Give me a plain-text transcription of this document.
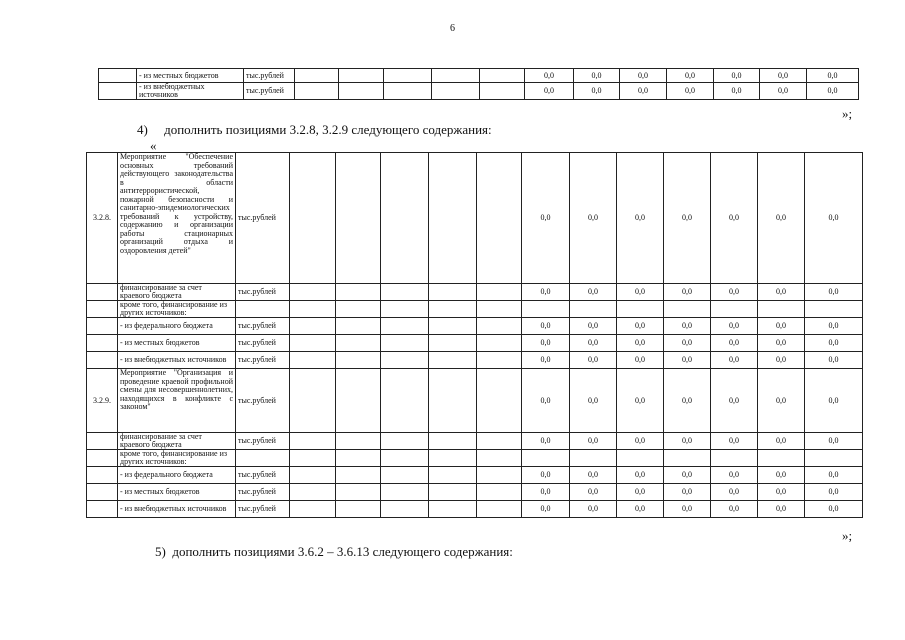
6
	- из местных бюджетов	тыс.рублей						0,0	0,0	0,0	0,0	0,0	0,0	0,0
	- из внебюджетных источников	тыс.рублей						0,0	0,0	0,0	0,0	0,0	0,0	0,0
»;
4)     дополнить позициями 3.2.8, 3.2.9 следующего содержания:
«
3.2.8.	Мероприятие "Обеспечение основных требований действующего законодательства в области антитеррористической, пожарной безопасности и санитарно-эпидемиологических требований к устройству, содержанию и организации работы стационарных организаций отдыха и оздоровления детей"	тыс.рублей						0,0	0,0	0,0	0,0	0,0	0,0	0,0
	финансирование за счет краевого бюджета	тыс.рублей						0,0	0,0	0,0	0,0	0,0	0,0	0,0
	кроме того, финансирование из других источников:													
	- из федерального бюджета	тыс.рублей						0,0	0,0	0,0	0,0	0,0	0,0	0,0
	- из местных бюджетов	тыс.рублей						0,0	0,0	0,0	0,0	0,0	0,0	0,0
	- из внебюджетных источников	тыс.рублей						0,0	0,0	0,0	0,0	0,0	0,0	0,0
3.2.9.	Мероприятие "Организация и проведение краевой профильной смены для несовершеннолетних, находящихся в конфликте с законом"	тыс.рублей						0,0	0,0	0,0	0,0	0,0	0,0	0,0
	финансирование за счет краевого бюджета	тыс.рублей						0,0	0,0	0,0	0,0	0,0	0,0	0,0
	кроме того, финансирование из других источников:													
	- из федерального бюджета	тыс.рублей						0,0	0,0	0,0	0,0	0,0	0,0	0,0
	- из местных бюджетов	тыс.рублей						0,0	0,0	0,0	0,0	0,0	0,0	0,0
	- из внебюджетных источников	тыс.рублей						0,0	0,0	0,0	0,0	0,0	0,0	0,0
»;
5)  дополнить позициями 3.6.2 – 3.6.13 следующего содержания:
